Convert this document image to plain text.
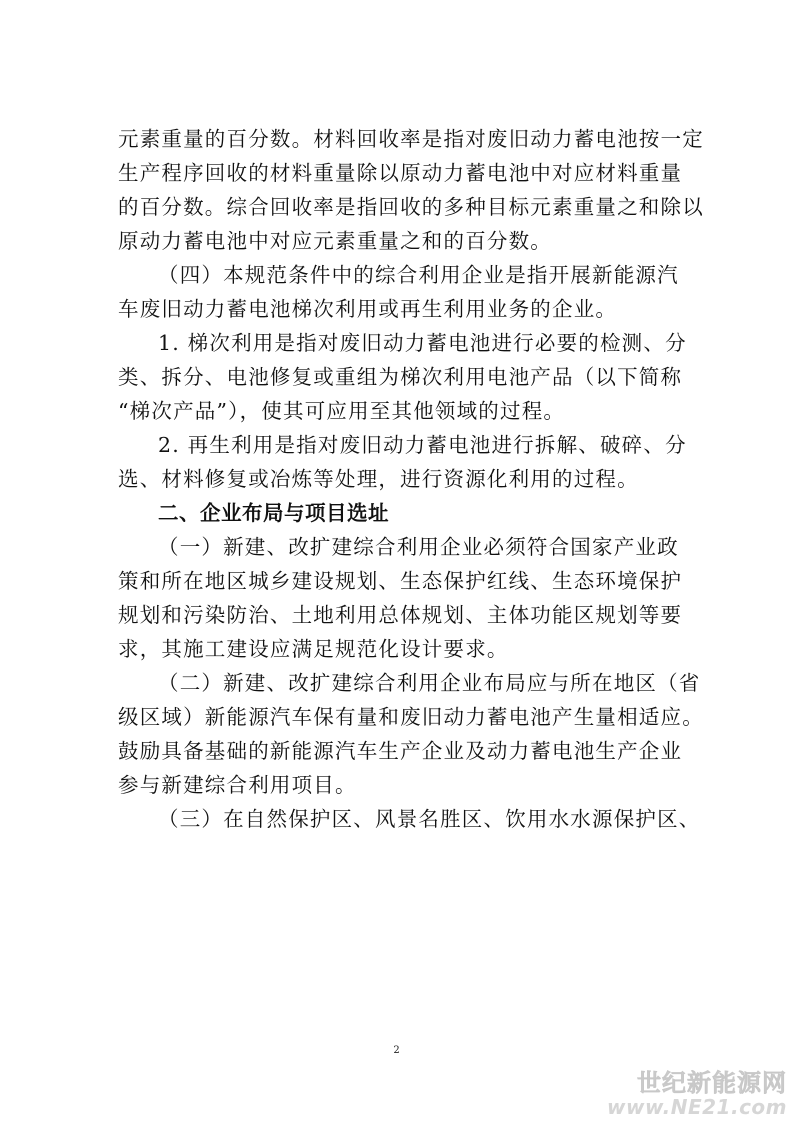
元素重量的百分数。材料回收率是指对废旧动力蓄电池按一定
生产程序回收的材料重量除以原动力蓄电池中对应材料重量
的百分数。综合回收率是指回收的多种目标元素重量之和除以
原动力蓄电池中对应元素重量之和的百分数。
（四）本规范条件中的综合利用企业是指开展新能源汽
车废旧动力蓄电池梯次利用或再生利用业务的企业。
1. 梯次利用是指对废旧动力蓄电池进行必要的检测、分
类、拆分、电池修复或重组为梯次利用电池产品（以下简称
“梯次产品”），使其可应用至其他领域的过程。
2. 再生利用是指对废旧动力蓄电池进行拆解、破碎、分
选、材料修复或冶炼等处理，进行资源化利用的过程。
二、企业布局与项目选址
（一）新建、改扩建综合利用企业必须符合国家产业政
策和所在地区城乡建设规划、生态保护红线、生态环境保护
规划和污染防治、土地利用总体规划、主体功能区规划等要
求，其施工建设应满足规范化设计要求。
（二）新建、改扩建综合利用企业布局应与所在地区（省
级区域）新能源汽车保有量和废旧动力蓄电池产生量相适应。
鼓励具备基础的新能源汽车生产企业及动力蓄电池生产企业
参与新建综合利用项目。
（三）在自然保护区、风景名胜区、饮用水水源保护区、
2
世纪新能源网
www.NE21.com
